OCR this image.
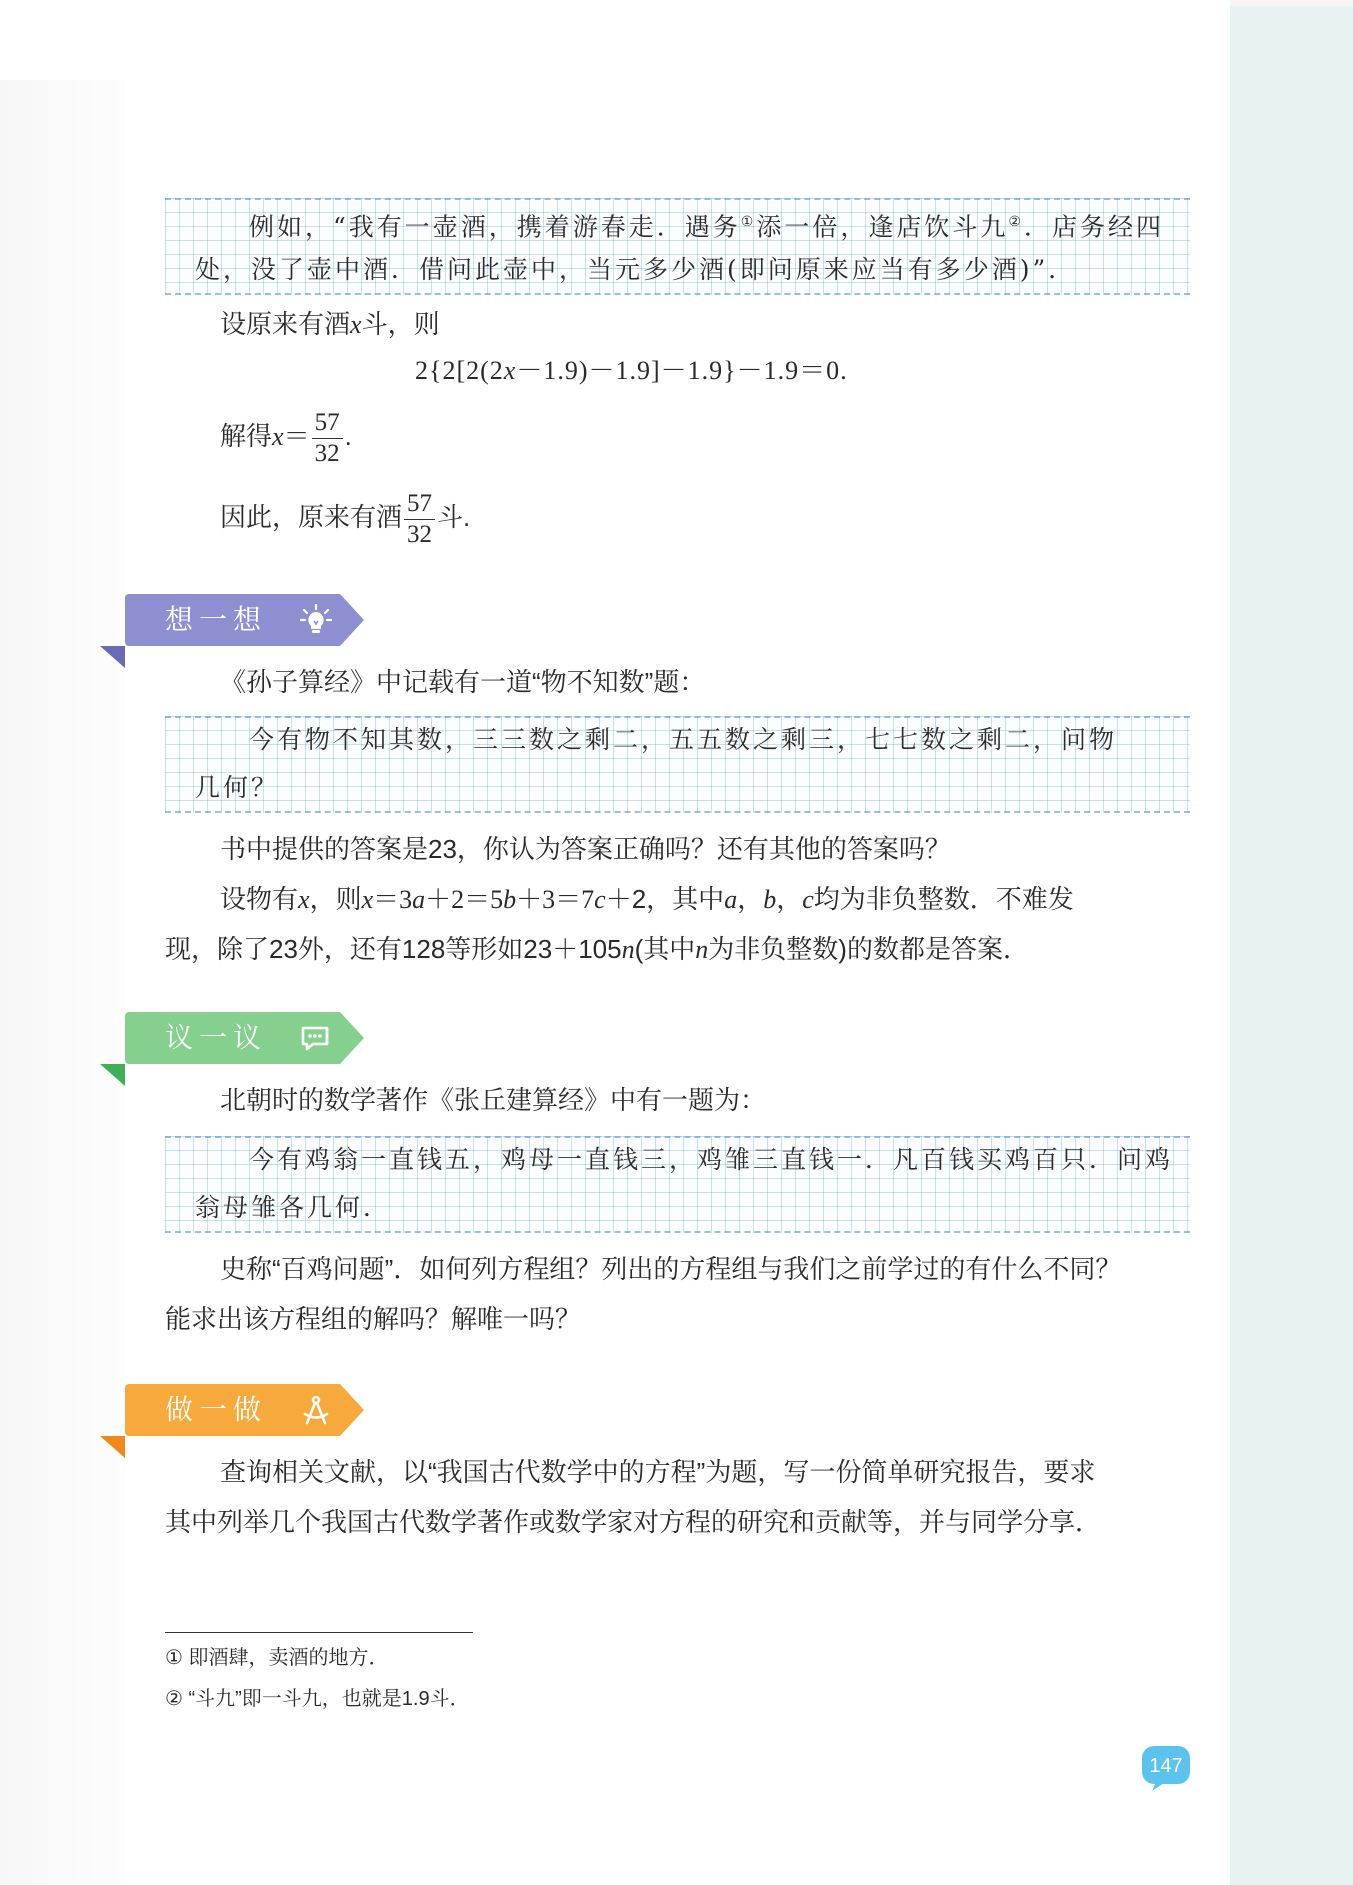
例如，“我有一壶酒，携着游春走．遇务①添一倍，逢店饮斗九②．店务经四
处，没了壶中酒．借问此壶中，当元多少酒(即问原来应当有多少酒)”．

设原来有酒x斗，则

2{2[2(2x－1.9)－1.9]－1.9}－1.9＝0.

解得$x= \frac{57}{32}$ .
因此，原来有酒 $\frac{57}{32}$ 斗.
想一想

《孙子算经》中记载有一道“物不知数”题：

今有物不知其数，三三数之剩二，五五数之剩三，七七数之剩二，问物
几何？

书中提供的答案是23，你认为答案正确吗？还有其他的答案吗？

设物有x，则x＝3a＋2＝5b＋3＝7c＋2，其中a，b，c均为非负整数．不难发

现，除了23外，还有128等形如23＋105n(其中n为非负整数)的数都是答案．

议一议

北朝时的数学著作《张丘建算经》中有一题为：

今有鸡翁一直钱五，鸡母一直钱三，鸡雏三直钱一．凡百钱买鸡百只．问鸡
翁母雏各几何．

史称“百鸡问题”．如何列方程组？列出的方程组与我们之前学过的有什么不同？

能求出该方程组的解吗？解唯一吗？

做一做

查询相关文献，以“我国古代数学中的方程”为题，写一份简单研究报告，要求

其中列举几个我国古代数学著作或数学家对方程的研究和贡献等，并与同学分享．

① 即酒肆，卖酒的地方．
② “斗九”即一斗九，也就是1.9斗．
147
